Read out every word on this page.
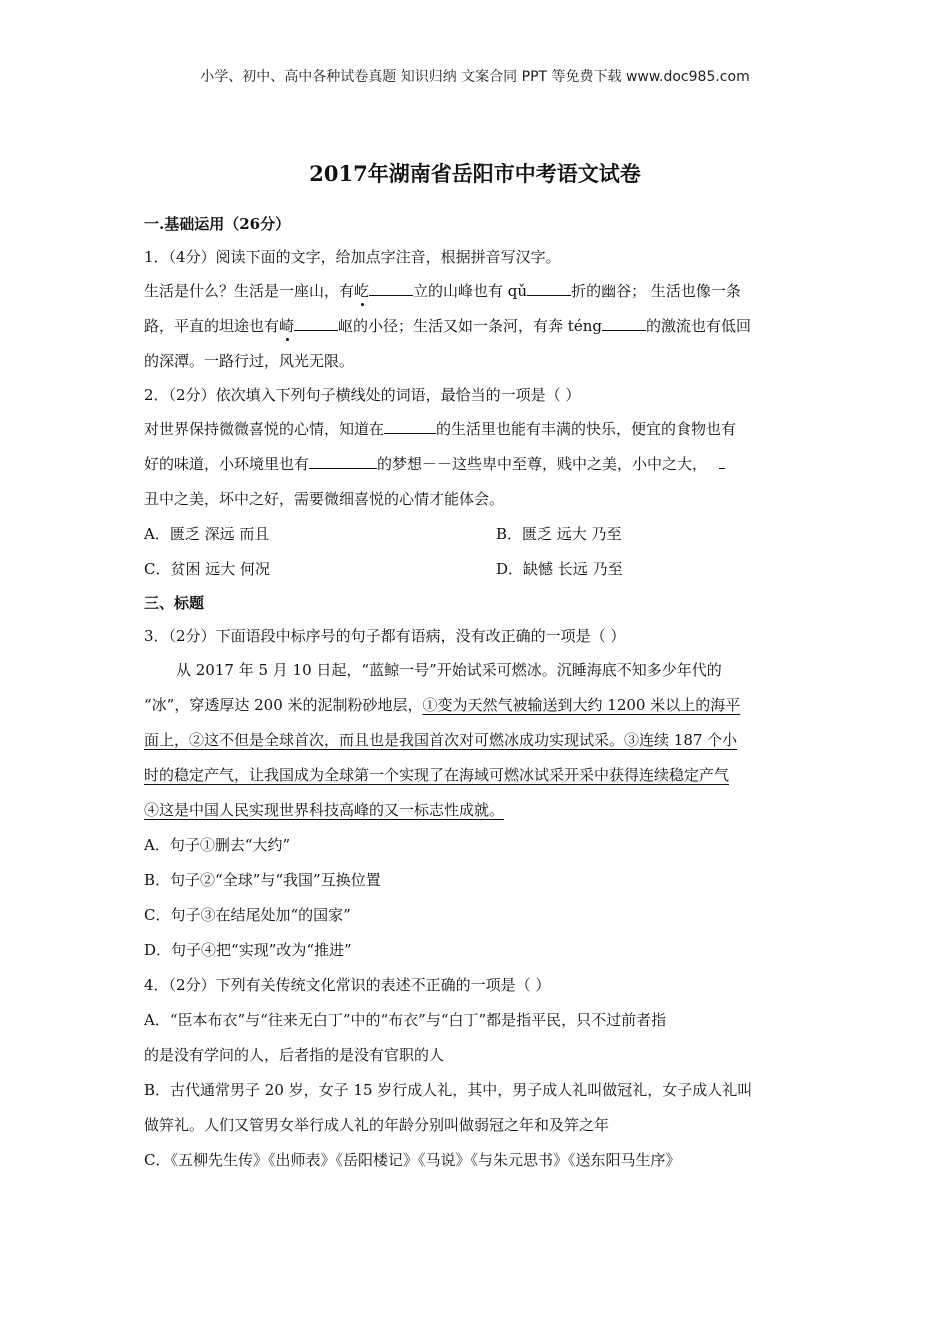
小学、初中、高中各种试卷真题 知识归纳 文案合同 PPT 等免费下载 www.doc985.com
2017年湖南省岳阳市中考语文试卷
一.基础运用（26分）
1．（4分）阅读下面的文字，给加点字注音，根据拼音写汉字。
生活是什么？生活是一座山，有屹	立的山峰也有 qǔ	折的幽谷； 生活也像一条
路，平直的坦途也有崎	岖的小径；生活又如一条河，有奔 téng	的激流也有低回
的深潭。一路行过，风光无限。
2．（2分）依次填入下列句子横线处的词语，最恰当的一项是（ ）
对世界保持微微喜悦的心情，知道在	的生活里也能有丰满的快乐，便宜的食物也有
好的味道，小环境里也有	的梦想－－这些卑中至尊，贱中之美，小中之大，
丑中之美，坏中之好，需要微细喜悦的心情才能体会。
A．匮乏 深远 而且	B．匮乏 远大 乃至
C．贫困 远大 何况	D．缺憾 长远 乃至
三、标题
3．（2分）下面语段中标序号的句子都有语病，没有改正确的一项是（ ）
从 2017 年 5 月 10 日起，“蓝鲸一号”开始试采可燃冰。沉睡海底不知多少年代的
“冰”，穿透厚达 200 米的泥制粉砂地层，①变为天然气被输送到大约 1200 米以上的海平
面上，②这不但是全球首次，而且也是我国首次对可燃冰成功实现试采。③连续 187 个小
时的稳定产气，让我国成为全球第一个实现了在海域可燃冰试采开采中获得连续稳定产气
④这是中国人民实现世界科技高峰的又一标志性成就。
A．句子①删去“大约”
B．句子②“全球”与“我国”互换位置
C．句子③在结尾处加“的国家”
D．句子④把“实现”改为“推进”
4．（2分）下列有关传统文化常识的表述不正确的一项是（ ）
A．“臣本布衣”与“往来无白丁”中的“布衣”与“白丁”都是指平民，只不过前者指
的是没有学问的人，后者指的是没有官职的人
B．古代通常男子 20 岁，女子 15 岁行成人礼，其中，男子成人礼叫做冠礼，女子成人礼叫
做笄礼。人们又管男女举行成人礼的年龄分别叫做弱冠之年和及笄之年
C．《五柳先生传》《出师表》《岳阳楼记》《马说》《与朱元思书》《送东阳马生序》
